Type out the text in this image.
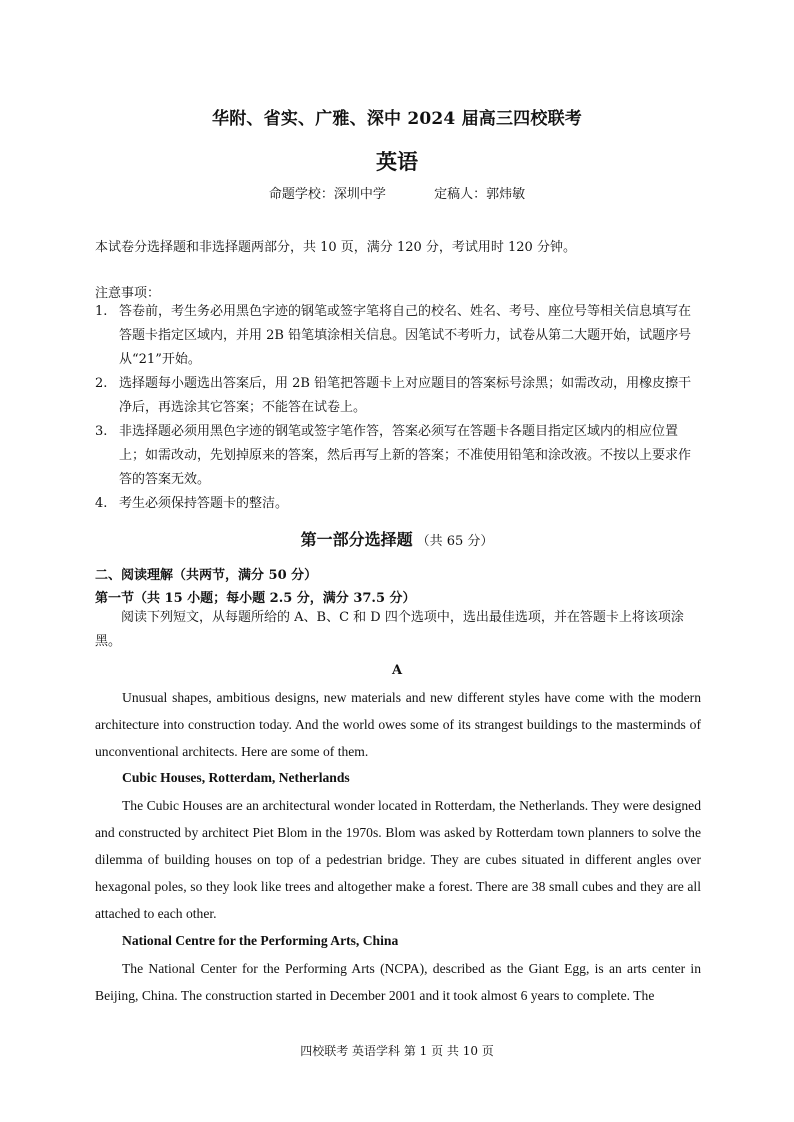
华附、省实、广雅、深中 2024 届高三四校联考
英语
命题学校：深圳中学	定稿人：郭炜敏
本试卷分选择题和非选择题两部分，共 10 页，满分 120 分，考试用时 120 分钟。
注意事项：
1. 答卷前，考生务必用黑色字迹的钢笔或签字笔将自己的校名、姓名、考号、座位号等相关信息填写在答题卡指定区域内，并用 2B 铅笔填涂相关信息。因笔试不考听力，试卷从第二大题开始，试题序号从“21”开始。
2. 选择题每小题选出答案后，用 2B 铅笔把答题卡上对应题目的答案标号涂黑；如需改动，用橡皮擦干净后，再选涂其它答案；不能答在试卷上。
3. 非选择题必须用黑色字迹的钢笔或签字笔作答，答案必须写在答题卡各题目指定区域内的相应位置上；如需改动，先划掉原来的答案，然后再写上新的答案；不准使用铅笔和涂改液。不按以上要求作答的答案无效。
4. 考生必须保持答题卡的整洁。
第一部分选择题 （共 65 分）
二、阅读理解（共两节，满分 50 分）
第一节（共 15 小题；每小题 2.5 分，满分 37.5 分）

阅读下列短文，从每题所给的 A、B、C 和 D 四个选项中，选出最佳选项，并在答题卡上将该项涂黑。

A

Unusual shapes, ambitious designs, new materials and new different styles have come with the modern architecture into construction today. And the world owes some of its strangest buildings to the masterminds of unconventional architects. Here are some of them.

Cubic Houses, Rotterdam, Netherlands

The Cubic Houses are an architectural wonder located in Rotterdam, the Netherlands. They were designed and constructed by architect Piet Blom in the 1970s. Blom was asked by Rotterdam town planners to solve the dilemma of building houses on top of a pedestrian bridge. They are cubes situated in different angles over hexagonal poles, so they look like trees and altogether make a forest. There are 38 small cubes and they are all attached to each other.

National Centre for the Performing Arts, China

The National Center for the Performing Arts (NCPA), described as the Giant Egg, is an arts center in Beijing, China. The construction started in December 2001 and it took almost 6 years to complete. The

四校联考 英语学科 第 1 页 共 10 页
